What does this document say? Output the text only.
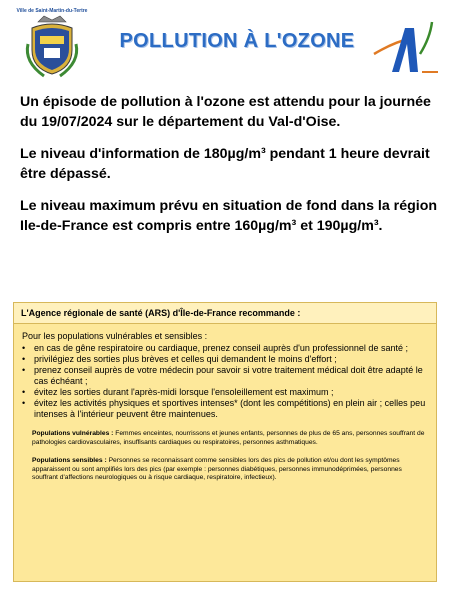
Ville de Saint-Martin-du-Tertre
POLLUTION À L'OZONE

Un épisode de pollution à l'ozone est attendu pour la journée du 19/07/2024 sur le département du Val-d'Oise.

Le niveau d'information de 180µg/m³ pendant 1 heure devrait être dépassé.

Le niveau maximum prévu en situation de fond dans la région Ile-de-France est compris entre 160µg/m³ et 190µg/m³.

L'Agence régionale de santé (ARS) d'Île-de-France recommande :

Pour les populations vulnérables et sensibles :

• en cas de gêne respiratoire ou cardiaque, prenez conseil auprès d'un professionnel de santé ;
• privilégiez des sorties plus brèves et celles qui demandent le moins d'effort ;
• prenez conseil auprès de votre médecin pour savoir si votre traitement médical doit être adapté le cas échéant ;
• évitez les sorties durant l'après-midi lorsque l'ensoleillement est maximum ;
• évitez les activités physiques et sportives intenses* (dont les compétitions) en plein air ; celles peu intenses à l'intérieur peuvent être maintenues.

Populations vulnérables : Femmes enceintes, nourrissons et jeunes enfants, personnes de plus de 65 ans, personnes souffrant de pathologies cardiovasculaires, insuffisants cardiaques ou respiratoires, personnes asthmatiques.

Populations sensibles : Personnes se reconnaissant comme sensibles lors des pics de pollution et/ou dont les symptômes apparaissent ou sont amplifiés lors des pics (par exemple : personnes diabétiques, personnes immunodéprimées, personnes souffrant d'affections neurologiques ou à risque cardiaque, respiratoire, infectieux).
